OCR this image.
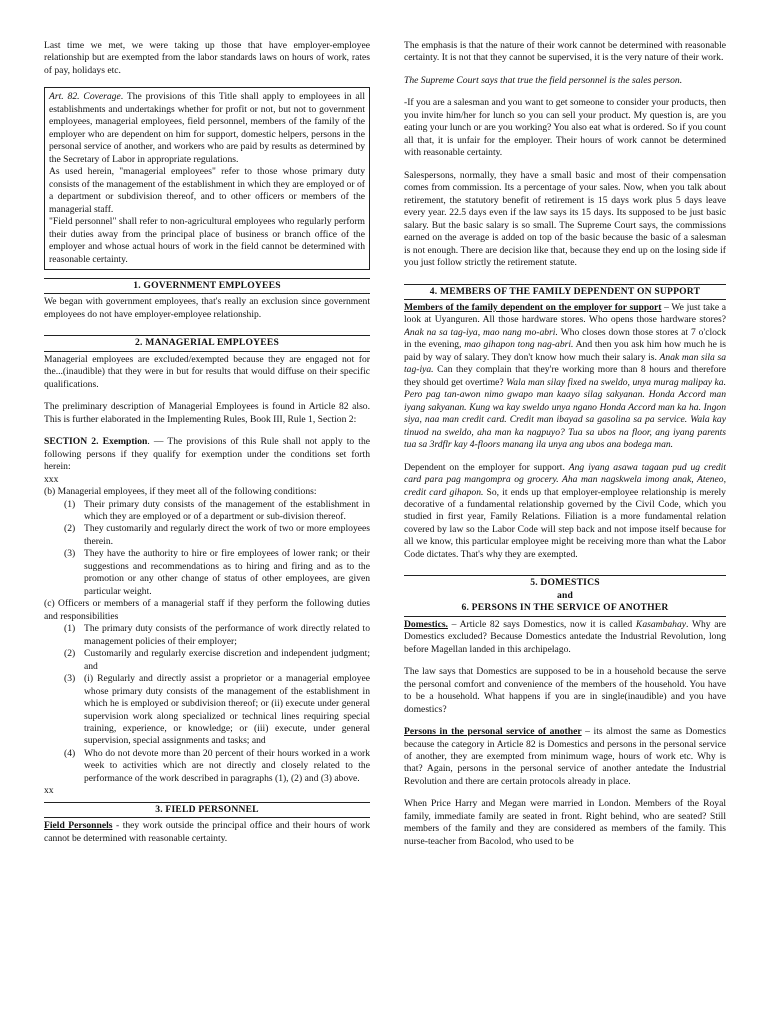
Last time we met, we were taking up those that have employer-employee relationship but are exempted from the labor standards laws on hours of work, rates of pay, holidays etc.

Art. 82. Coverage. The provisions of this Title shall apply to employees in all establishments and undertakings whether for profit or not, but not to government employees, managerial employees, field personnel, members of the family of the employer who are dependent on him for support, domestic helpers, persons in the personal service of another, and workers who are paid by results as determined by the Secretary of Labor in appropriate regulations.

As used herein, "managerial employees" refer to those whose primary duty consists of the management of the establishment in which they are employed or of a department or subdivision thereof, and to other officers or members of the managerial staff.

"Field personnel" shall refer to non-agricultural employees who regularly perform their duties away from the principal place of business or branch office of the employer and whose actual hours of work in the field cannot be determined with reasonable certainty.

1. GOVERNMENT EMPLOYEES

We began with government employees, that's really an exclusion since government employees do not have employer-employee relationship.

2. MANAGERIAL EMPLOYEES

Managerial employees are excluded/exempted because they are engaged not for the...(inaudible) that they were in but for results that would diffuse on their specific qualifications.

The preliminary description of Managerial Employees is found in Article 82 also. This is further elaborated in the Implementing Rules, Book III, Rule 1, Section 2:

SECTION 2. Exemption. — The provisions of this Rule shall not apply to the following persons if they qualify for exemption under the conditions set forth herein:

xxx

(b) Managerial employees, if they meet all of the following conditions:

(1) Their primary duty consists of the management of the establishment in which they are employed or of a department or sub-division thereof.
(2) They customarily and regularly direct the work of two or more employees therein.
(3) They have the authority to hire or fire employees of lower rank; or their suggestions and recommendations as to hiring and firing and as to the promotion or any other change of status of other employees, are given particular weight.

(c) Officers or members of a managerial staff if they perform the following duties and responsibilities

(1) The primary duty consists of the performance of work directly related to management policies of their employer;
(2) Customarily and regularly exercise discretion and independent judgment; and
(3) (i) Regularly and directly assist a proprietor or a managerial employee whose primary duty consists of the management of the establishment in which he is employed or subdivision thereof; or (ii) execute under general supervision work along specialized or technical lines requiring special training, experience, or knowledge; or (iii) execute, under general supervision, special assignments and tasks; and
(4) Who do not devote more than 20 percent of their hours worked in a work week to activities which are not directly and closely related to the performance of the work described in paragraphs (1), (2) and (3) above.

xx

3. FIELD PERSONNEL

Field Personnels - they work outside the principal office and their hours of work cannot be determined with reasonable certainty.

The emphasis is that the nature of their work cannot be determined with reasonable certainty. It is not that they cannot be supervised, it is the very nature of their work.

The Supreme Court says that true the field personnel is the sales person.

-If you are a salesman and you want to get someone to consider your products, then you invite him/her for lunch so you can sell your product. My question is, are you eating your lunch or are you working? You also eat what is ordered. So if you count all that, it is unfair for the employer. Their hours of work cannot be determined with reasonable certainty.

Salespersons, normally, they have a small basic and most of their compensation comes from commission. Its a percentage of your sales. Now, when you talk about retirement, the statutory benefit of retirement is 15 days work plus 5 days leave every year. 22.5 days even if the law says its 15 days. Its supposed to be just basic salary. But the basic salary is so small. The Supreme Court says, the commissions earned on the average is added on top of the basic because the basic of a salesman is not enough. There are decision like that, because they end up on the losing side if you just follow strictly the retirement statute.

4. MEMBERS OF THE FAMILY DEPENDENT ON SUPPORT

Members of the family dependent on the employer for support – We just take a look at Uyanguren. All those hardware stores. Who opens those hardware stores? Anak na sa tag-iya, mao nang mo-abri. Who closes down those stores at 7 o'clock in the evening, mao gihapon tong nag-abri. And then you ask him how much he is paid by way of salary. They don't know how much their salary is. Anak man sila sa tag-iya. Can they complain that they're working more than 8 hours and therefore they should get overtime? Wala man silay fixed na sweldo, unya murag malipay ka. Pero pag tan-awon nimo gwapo man kaayo silag sakyanan. Honda Accord man iyang sakyanan. Kung wa kay sweldo unya ngano Honda Accord man ka ha. Ingon siya, naa man credit card. Credit man ibayad sa gasolina sa pa service. Wala kay tinuod na sweldo, aha man ka nagpuyo? Tua sa ubos na floor, ang iyang parents tua sa 3rdflr kay 4-floors manang ila unya ang ubos ana bodega man.

Dependent on the employer for support. Ang iyang asawa tagaan pud ug credit card para pag mangompra og grocery. Aha man nagskwela imong anak, Ateneo, credit card gihapon. So, it ends up that employer-employee relationship is merely decorative of a fundamental relationship governed by the Civil Code, which you studied in first year, Family Relations. Filiation is a more fundamental relation covered by law so the Labor Code will step back and not impose itself because for all we know, this particular employee might be receiving more than what the Labor Code dictates. That's why they are exempted.

5. DOMESTICS
and
6. PERSONS IN THE SERVICE OF ANOTHER

Domestics. – Article 82 says Domestics, now it is called Kasambahay. Why are Domestics excluded? Because Domestics antedate the Industrial Revolution, long before Magellan landed in this archipelago.

The law says that Domestics are supposed to be in a household because the serve the personal comfort and convenience of the members of the household. You have to be a household. What happens if you are in single(inaudible) and you have domestics?

Persons in the personal service of another – its almost the same as Domestics because the category in Article 82 is Domestics and persons in the personal service of another, they are exempted from minimum wage, hours of work etc. Why is that? Again, persons in the personal service of another antedate the Industrial Revolution and there are certain protocols already in place.

When Price Harry and Megan were married in London. Members of the Royal family, immediate family are seated in front. Right behind, who are seated? Still members of the family and they are considered as members of the family. This nurse-teacher from Bacolod, who used to be
